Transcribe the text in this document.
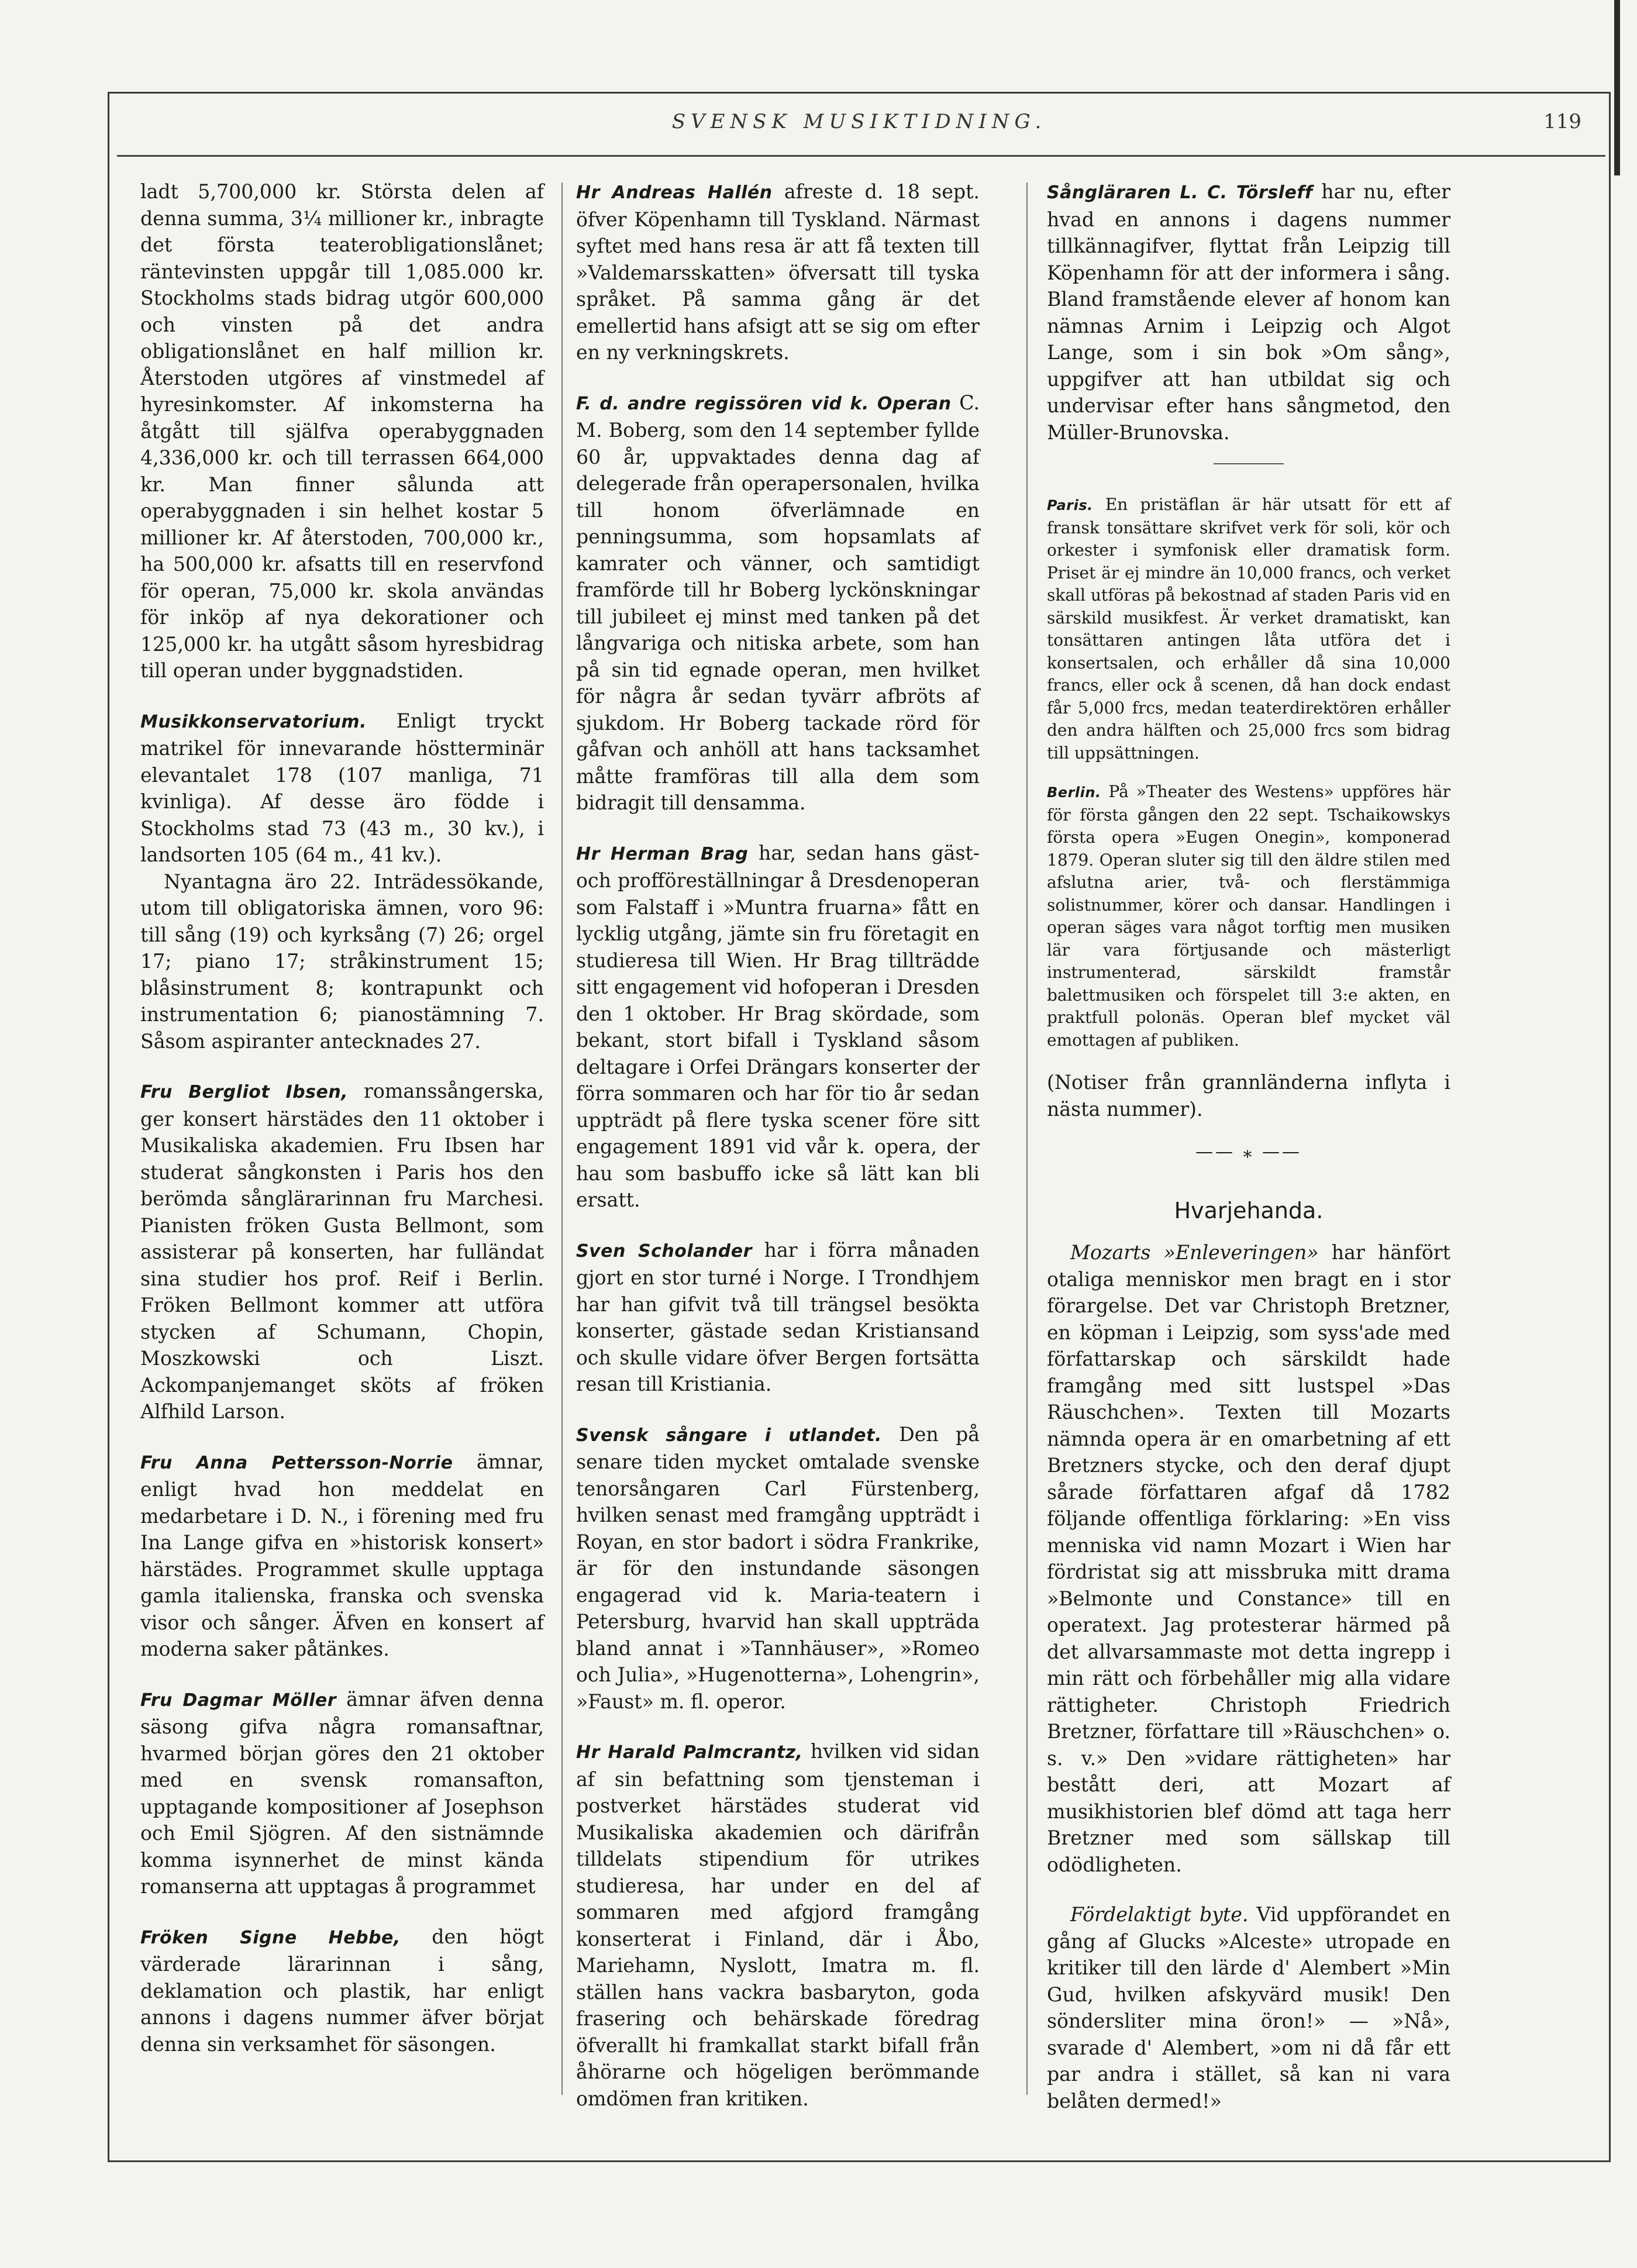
SVENSK MUSIKTIDNING.	119

ladt 5,700,000 kr. Största delen af denna summa, 3¼ millioner kr., inbragte det första teaterobligationslånet; räntevinsten uppgår till 1,085.000 kr. Stockholms stads bidrag utgör 600,000 och vinsten på det andra obligationslånet en half million kr. Återstoden utgöres af vinstmedel af hyresinkomster. Af inkomsterna ha åtgått till själfva operabyggnaden 4,336,000 kr. och till terrassen 664,000 kr. Man finner sålunda att operabyggnaden i sin helhet kostar 5 millioner kr. Af återstoden, 700,000 kr., ha 500,000 kr. afsatts till en reservfond för operan, 75,000 kr. skola användas för inköp af nya dekorationer och 125,000 kr. ha utgått såsom hyresbidrag till operan under byggnadstiden.

Musikkonservatorium. Enligt tryckt matrikel för innevarande höstterminär elevantalet 178 (107 manliga, 71 kvinliga). Af desse äro födde i Stockholms stad 73 (43 m., 30 kv.), i landsorten 105 (64 m., 41 kv.).

Nyantagna äro 22. Inträdessökande, utom till obligatoriska ämnen, voro 96: till sång (19) och kyrksång (7) 26; orgel 17; piano 17; stråkinstrument 15; blåsinstrument 8; kontrapunkt och instrumentation 6; pianostämning 7. Såsom aspiranter antecknades 27.

Fru Bergliot Ibsen, romanssångerska, ger konsert härstädes den 11 oktober i Musikaliska akademien. Fru Ibsen har studerat sångkonsten i Paris hos den berömda sånglärarinnan fru Marchesi. Pianisten fröken Gusta Bellmont, som assisterar på konserten, har fulländat sina studier hos prof. Reif i Berlin. Fröken Bellmont kommer att utföra stycken af Schumann, Chopin, Moszkowski och Liszt. Ackompanjemanget sköts af fröken Alfhild Larson.

Fru Anna Pettersson-Norrie ämnar, enligt hvad hon meddelat en medarbetare i D. N., i förening med fru Ina Lange gifva en »historisk konsert» härstädes. Programmet skulle upptaga gamla italienska, franska och svenska visor och sånger. Äfven en konsert af moderna saker påtänkes.

Fru Dagmar Möller ämnar äfven denna säsong gifva några romansaftnar, hvarmed början göres den 21 oktober med en svensk romansafton, upptagande kompositioner af Josephson och Emil Sjögren. Af den sistnämnde komma isynnerhet de minst kända romanserna att upptagas å programmet

Fröken Signe Hebbe, den högt värderade lärarinnan i sång, deklamation och plastik, har enligt annons i dagens nummer äfver börjat denna sin verksamhet för säsongen.

Hr Andreas Hallén afreste d. 18 sept. öfver Köpenhamn till Tyskland. Närmast syftet med hans resa är att få texten till »Valdemarsskatten» öfversatt till tyska språket. På samma gång är det emellertid hans afsigt att se sig om efter en ny verkningskrets.

F. d. andre regissören vid k. Operan C. M. Boberg, som den 14 september fyllde 60 år, uppvaktades denna dag af delegerade från operapersonalen, hvilka till honom öfverlämnade en penningsumma, som hopsamlats af kamrater och vänner, och samtidigt framförde till hr Boberg lyckönskningar till jubileet ej minst med tanken på det långvariga och nitiska arbete, som han på sin tid egnade operan, men hvilket för några år sedan tyvärr afbröts af sjukdom. Hr Boberg tackade rörd för gåfvan och anhöll att hans tacksamhet måtte framföras till alla dem som bidragit till densamma.

Hr Herman Brag har, sedan hans gäst- och profföreställningar å Dresdenoperan som Falstaff i »Muntra fruarna» fått en lycklig utgång, jämte sin fru företagit en studieresa till Wien. Hr Brag tillträdde sitt engagement vid hofoperan i Dresden den 1 oktober. Hr Brag skördade, som bekant, stort bifall i Tyskland såsom deltagare i Orfei Drängars konserter der förra sommaren och har för tio år sedan uppträdt på flere tyska scener före sitt engagement 1891 vid vår k. opera, der hau som basbuffo icke så lätt kan bli ersatt.

Sven Scholander har i förra månaden gjort en stor turné i Norge. I Trondhjem har han gifvit två till trängsel besökta konserter, gästade sedan Kristiansand och skulle vidare öfver Bergen fortsätta resan till Kristiania.

Svensk sångare i utlandet. Den på senare tiden mycket omtalade svenske tenorsångaren Carl Fürstenberg, hvilken senast med framgång uppträdt i Royan, en stor badort i södra Frankrike, är för den instundande säsongen engagerad vid k. Maria-teatern i Petersburg, hvarvid han skall uppträda bland annat i »Tannhäuser», »Romeo och Julia», »Hugenotterna», Lohengrin», »Faust» m. fl. operor.

Hr Harald Palmcrantz, hvilken vid sidan af sin befattning som tjensteman i postverket härstädes studerat vid Musikaliska akademien och därifrån tilldelats stipendium för utrikes studieresa, har under en del af sommaren med afgjord framgång konserterat i Finland, där i Åbo, Mariehamn, Nyslott, Imatra m. fl. ställen hans vackra basbaryton, goda frasering och behärskade föredrag öfverallt hi framkallat starkt bifall från åhörarne och högeligen berömmande omdömen fran kritiken.

Sångläraren L. C. Törsleff har nu, efter hvad en annons i dagens nummer tillkännagifver, flyttat från Leipzig till Köpenhamn för att der informera i sång. Bland framstående elever af honom kan nämnas Arnim i Leipzig och Algot Lange, som i sin bok »Om sång», uppgifver att han utbildat sig och undervisar efter hans sångmetod, den Müller-Brunovska.

Paris. En pristäflan är här utsatt för ett af fransk tonsättare skrifvet verk för soli, kör och orkester i symfonisk eller dramatisk form. Priset är ej mindre än 10,000 francs, och verket skall utföras på bekostnad af staden Paris vid en särskild musikfest. Är verket dramatiskt, kan tonsättaren antingen låta utföra det i konsertsalen, och erhåller då sina 10,000 francs, eller ock å scenen, då han dock endast får 5,000 frcs, medan teaterdirektören erhåller den andra hälften och 25,000 frcs som bidrag till uppsättningen.

Berlin. På »Theater des Westens» uppföres här för första gången den 22 sept. Tschaikowskys första opera »Eugen Onegin», komponerad 1879. Operan sluter sig till den äldre stilen med afslutna arier, två- och flerstämmiga solistnummer, körer och dansar. Handlingen i operan säges vara något torftig men musiken lär vara förtjusande och mästerligt instrumenterad, särskildt framstår balettmusiken och förspelet till 3:e akten, en praktfull polonäs. Operan blef mycket väl emottagen af publiken.

(Notiser från grannländerna inflyta i nästa nummer).

—— ⁎ ——
Hvarjehanda.

Mozarts »Enleveringen» har hänfört otaliga menniskor men bragt en i stor förargelse. Det var Christoph Bretzner, en köpman i Leipzig, som syss'ade med författarskap och särskildt hade framgång med sitt lustspel »Das Räuschchen». Texten till Mozarts nämnda opera är en omarbetning af ett Bretzners stycke, och den deraf djupt sårade författaren afgaf då 1782 följande offentliga förklaring: »En viss menniska vid namn Mozart i Wien har fördristat sig att missbruka mitt drama »Belmonte und Constance» till en operatext. Jag protesterar härmed på det allvarsammaste mot detta ingrepp i min rätt och förbehåller mig alla vidare rättigheter. Christoph Friedrich Bretzner, författare till »Räuschchen» o. s. v.» Den »vidare rättigheten» har bestått deri, att Mozart af musikhistorien blef dömd att taga herr Bretzner med som sällskap till odödligheten.

Fördelaktigt byte. Vid uppförandet en gång af Glucks »Alceste» utropade en kritiker till den lärde d' Alembert »Min Gud, hvilken afskyvärd musik! Den söndersliter mina öron!» — »Nå», svarade d' Alembert, »om ni då får ett par andra i stället, så kan ni vara belåten dermed!»
